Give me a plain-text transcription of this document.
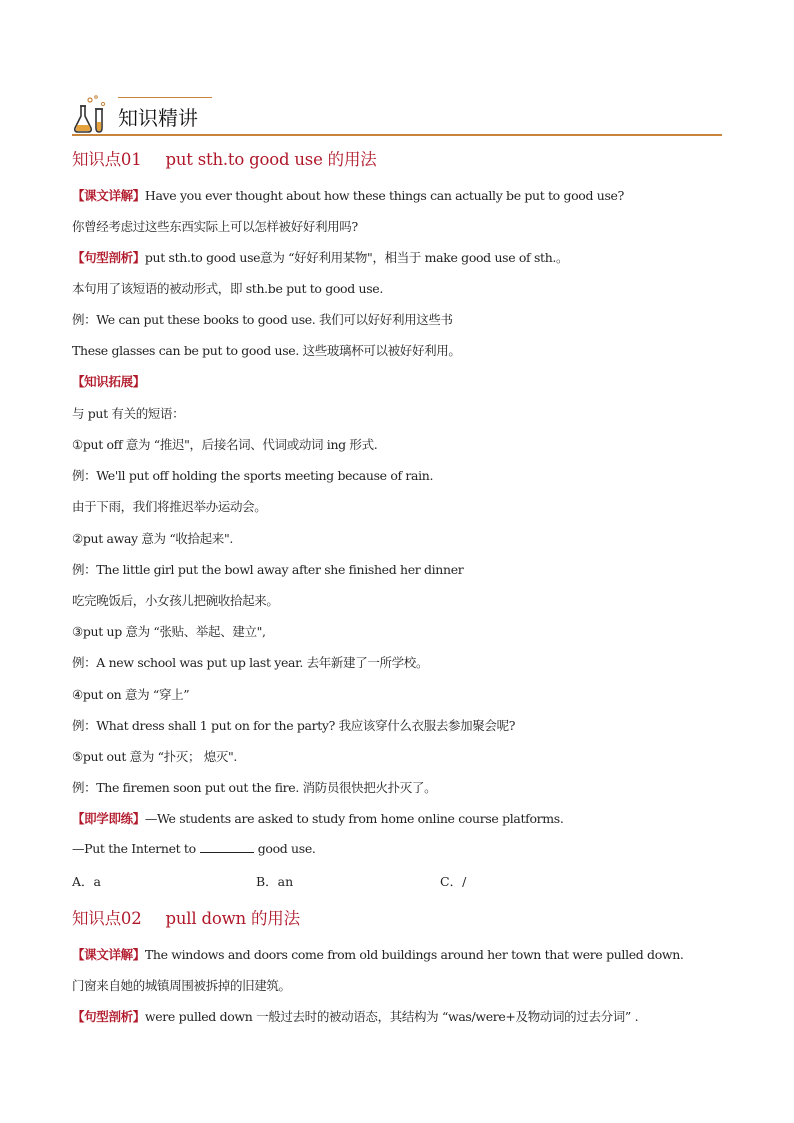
知识精讲
知识点01 put sth.to good use 的用法
【课文详解】Have you ever thought about how these things can actually be put to good use?
你曾经考虑过这些东西实际上可以怎样被好好利用吗?
【句型剖析】put sth.to good use意为 “好好利用某物"，相当于 make good use of sth.。
本句用了该短语的被动形式，即 sth.be put to good use.
例：We can put these books to good use. 我们可以好好利用这些书
These glasses can be put to good use. 这些玻璃杯可以被好好利用。
【知识拓展】
与 put 有关的短语：
①put off 意为 “推迟"，后接名词、代词或动词 ing 形式.
例：We'll put off holding the sports meeting because of rain.
由于下雨，我们将推迟举办运动会。
②put away 意为 “收拾起来".
例：The little girl put the bowl away after she finished her dinner
吃完晚饭后，小女孩儿把碗收拾起来。
③put up 意为 “张贴、举起、建立",
例：A new school was put up last year. 去年新建了一所学校。
④put on 意为 “穿上”
例：What dress shall 1 put on for the party? 我应该穿什么衣服去参加聚会呢?
⑤put out 意为 “扑灭； 熄灭".
例：The firemen soon put out the fire. 消防员很快把火扑灭了。
【即学即练】—We students are asked to study from home online course platforms.
—Put the Internet to	good use.
A．a	B．an	C．/
知识点02 pull down 的用法
【课文详解】The windows and doors come from old buildings around her town that were pulled down.
门窗来自她的城镇周围被拆掉的旧建筑。
【句型剖析】were pulled down 一般过去时的被动语态，其结构为 “was/were+及物动词的过去分词” .
